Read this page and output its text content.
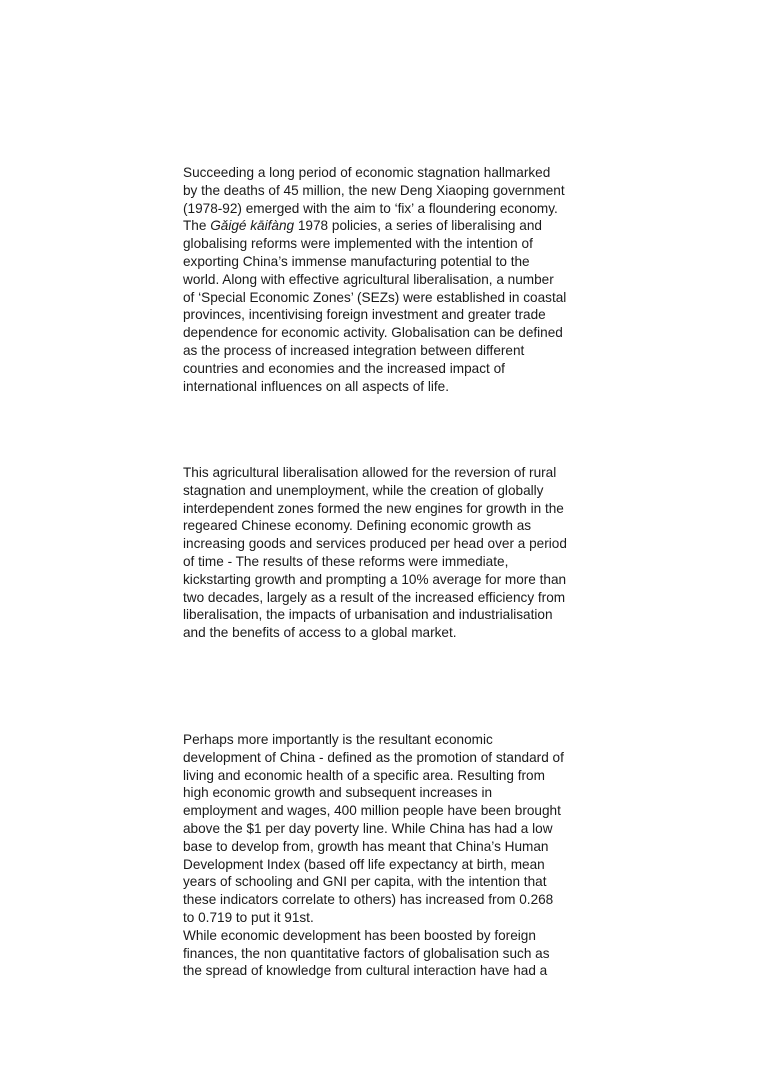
Succeeding a long period of economic stagnation hallmarked
by the deaths of 45 million, the new Deng Xiaoping government
(1978-92) emerged with the aim to ‘fix’ a floundering economy.
The Gǎigé kāifàng 1978 policies, a series of liberalising and
globalising reforms were implemented with the intention of
exporting China’s immense manufacturing potential to the
world. Along with effective agricultural liberalisation, a number
of ‘Special Economic Zones’ (SEZs) were established in coastal
provinces, incentivising foreign investment and greater trade
dependence for economic activity. Globalisation can be defined
as the process of increased integration between different
countries and economies and the increased impact of
international influences on all aspects of life.

This agricultural liberalisation allowed for the reversion of rural
stagnation and unemployment, while the creation of globally
interdependent zones formed the new engines for growth in the
regeared Chinese economy. Defining economic growth as
increasing goods and services produced per head over a period
of time - The results of these reforms were immediate,
kickstarting growth and prompting a 10% average for more than
two decades, largely as a result of the increased efficiency from
liberalisation, the impacts of urbanisation and industrialisation
and the benefits of access to a global market.

Perhaps more importantly is the resultant economic
development of China - defined as the promotion of standard of
living and economic health of a specific area. Resulting from
high economic growth and subsequent increases in
employment and wages, 400 million people have been brought
above the $1 per day poverty line. While China has had a low
base to develop from, growth has meant that China’s Human
Development Index (based off life expectancy at birth, mean
years of schooling and GNI per capita, with the intention that
these indicators correlate to others) has increased from 0.268
to 0.719 to put it 91st.
While economic development has been boosted by foreign
finances, the non quantitative factors of globalisation such as
the spread of knowledge from cultural interaction have had a
